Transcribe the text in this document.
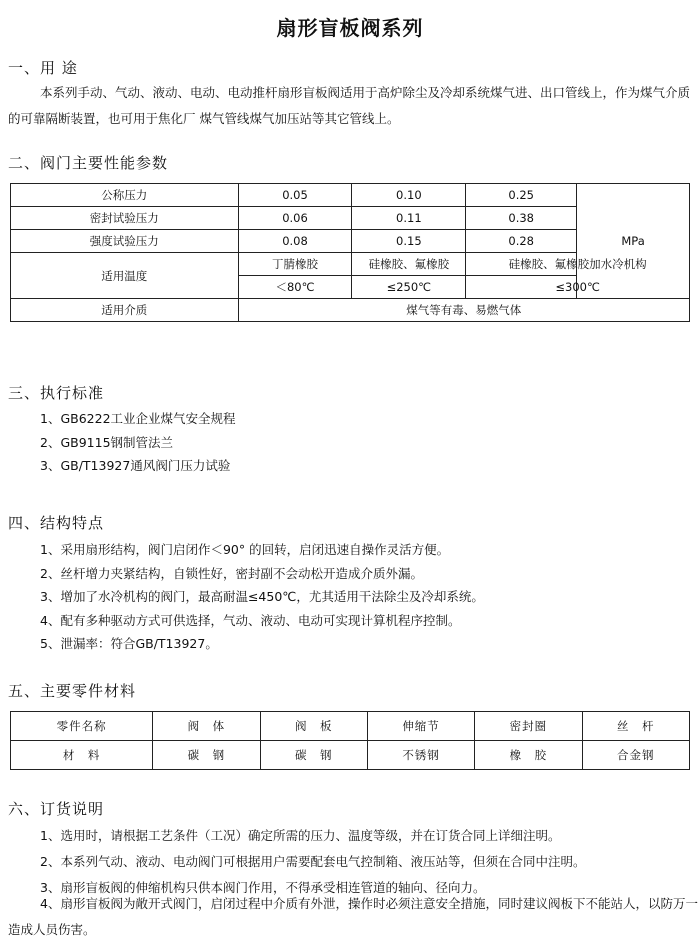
扇形盲板阀系列
一、用 途
本系列手动、气动、液动、电动、电动推杆扇形盲板阀适用于高炉除尘及冷却系统煤气进、出口管线上，作为煤气介质的可靠隔断装置，也可用于焦化厂 煤气管线煤气加压站等其它管线上。
二、阀门主要性能参数
公称压力	0.05	0.10	0.25	MPa
密封试验压力	0.06	0.11	0.38	
强度试验压力	0.08	0.15	0.28	
适用温度	丁腈橡胶	硅橡胶、氟橡胶	硅橡胶、氟橡胶加水冷机构	
	＜80℃	≤250℃	≤300℃	
适用介质	煤气等有毒、易燃气体			
三、执行标准
1、GB6222工业企业煤气安全规程
2、GB9115钢制管法兰
3、GB/T13927通风阀门压力试验
四、结构特点
1、采用扇形结构，阀门启闭作＜90° 的回转，启闭迅速自操作灵活方便。
2、丝杆增力夹紧结构，自锁性好，密封副不会动松开造成介质外漏。
3、增加了水冷机构的阀门，最高耐温≤450℃，尤其适用干法除尘及冷却系统。
4、配有多种驱动方式可供选择，气动、液动、电动可实现计算机程序控制。
5、泄漏率：符合GB/T13927。
五、主要零件材料
零件名称	阀　体	阀　板	伸缩节	密封圈	丝　杆
材　料	碳　钢	碳　钢	不锈钢	橡　胶	合金钢
六、订货说明
1、选用时，请根据工艺条件（工况）确定所需的压力、温度等级，并在订货合同上详细注明。
2、本系列气动、液动、电动阀门可根据用户需要配套电气控制箱、液压站等，但须在合同中注明。
3、扇形盲板阀的伸缩机构只供本阀门作用，不得承受相连管道的轴向、径向力。
4、扇形盲板阀为敞开式阀门，启闭过程中介质有外泄，操作时必须注意安全措施，同时建议阀板下不能站人，以防万一造成人员伤害。
